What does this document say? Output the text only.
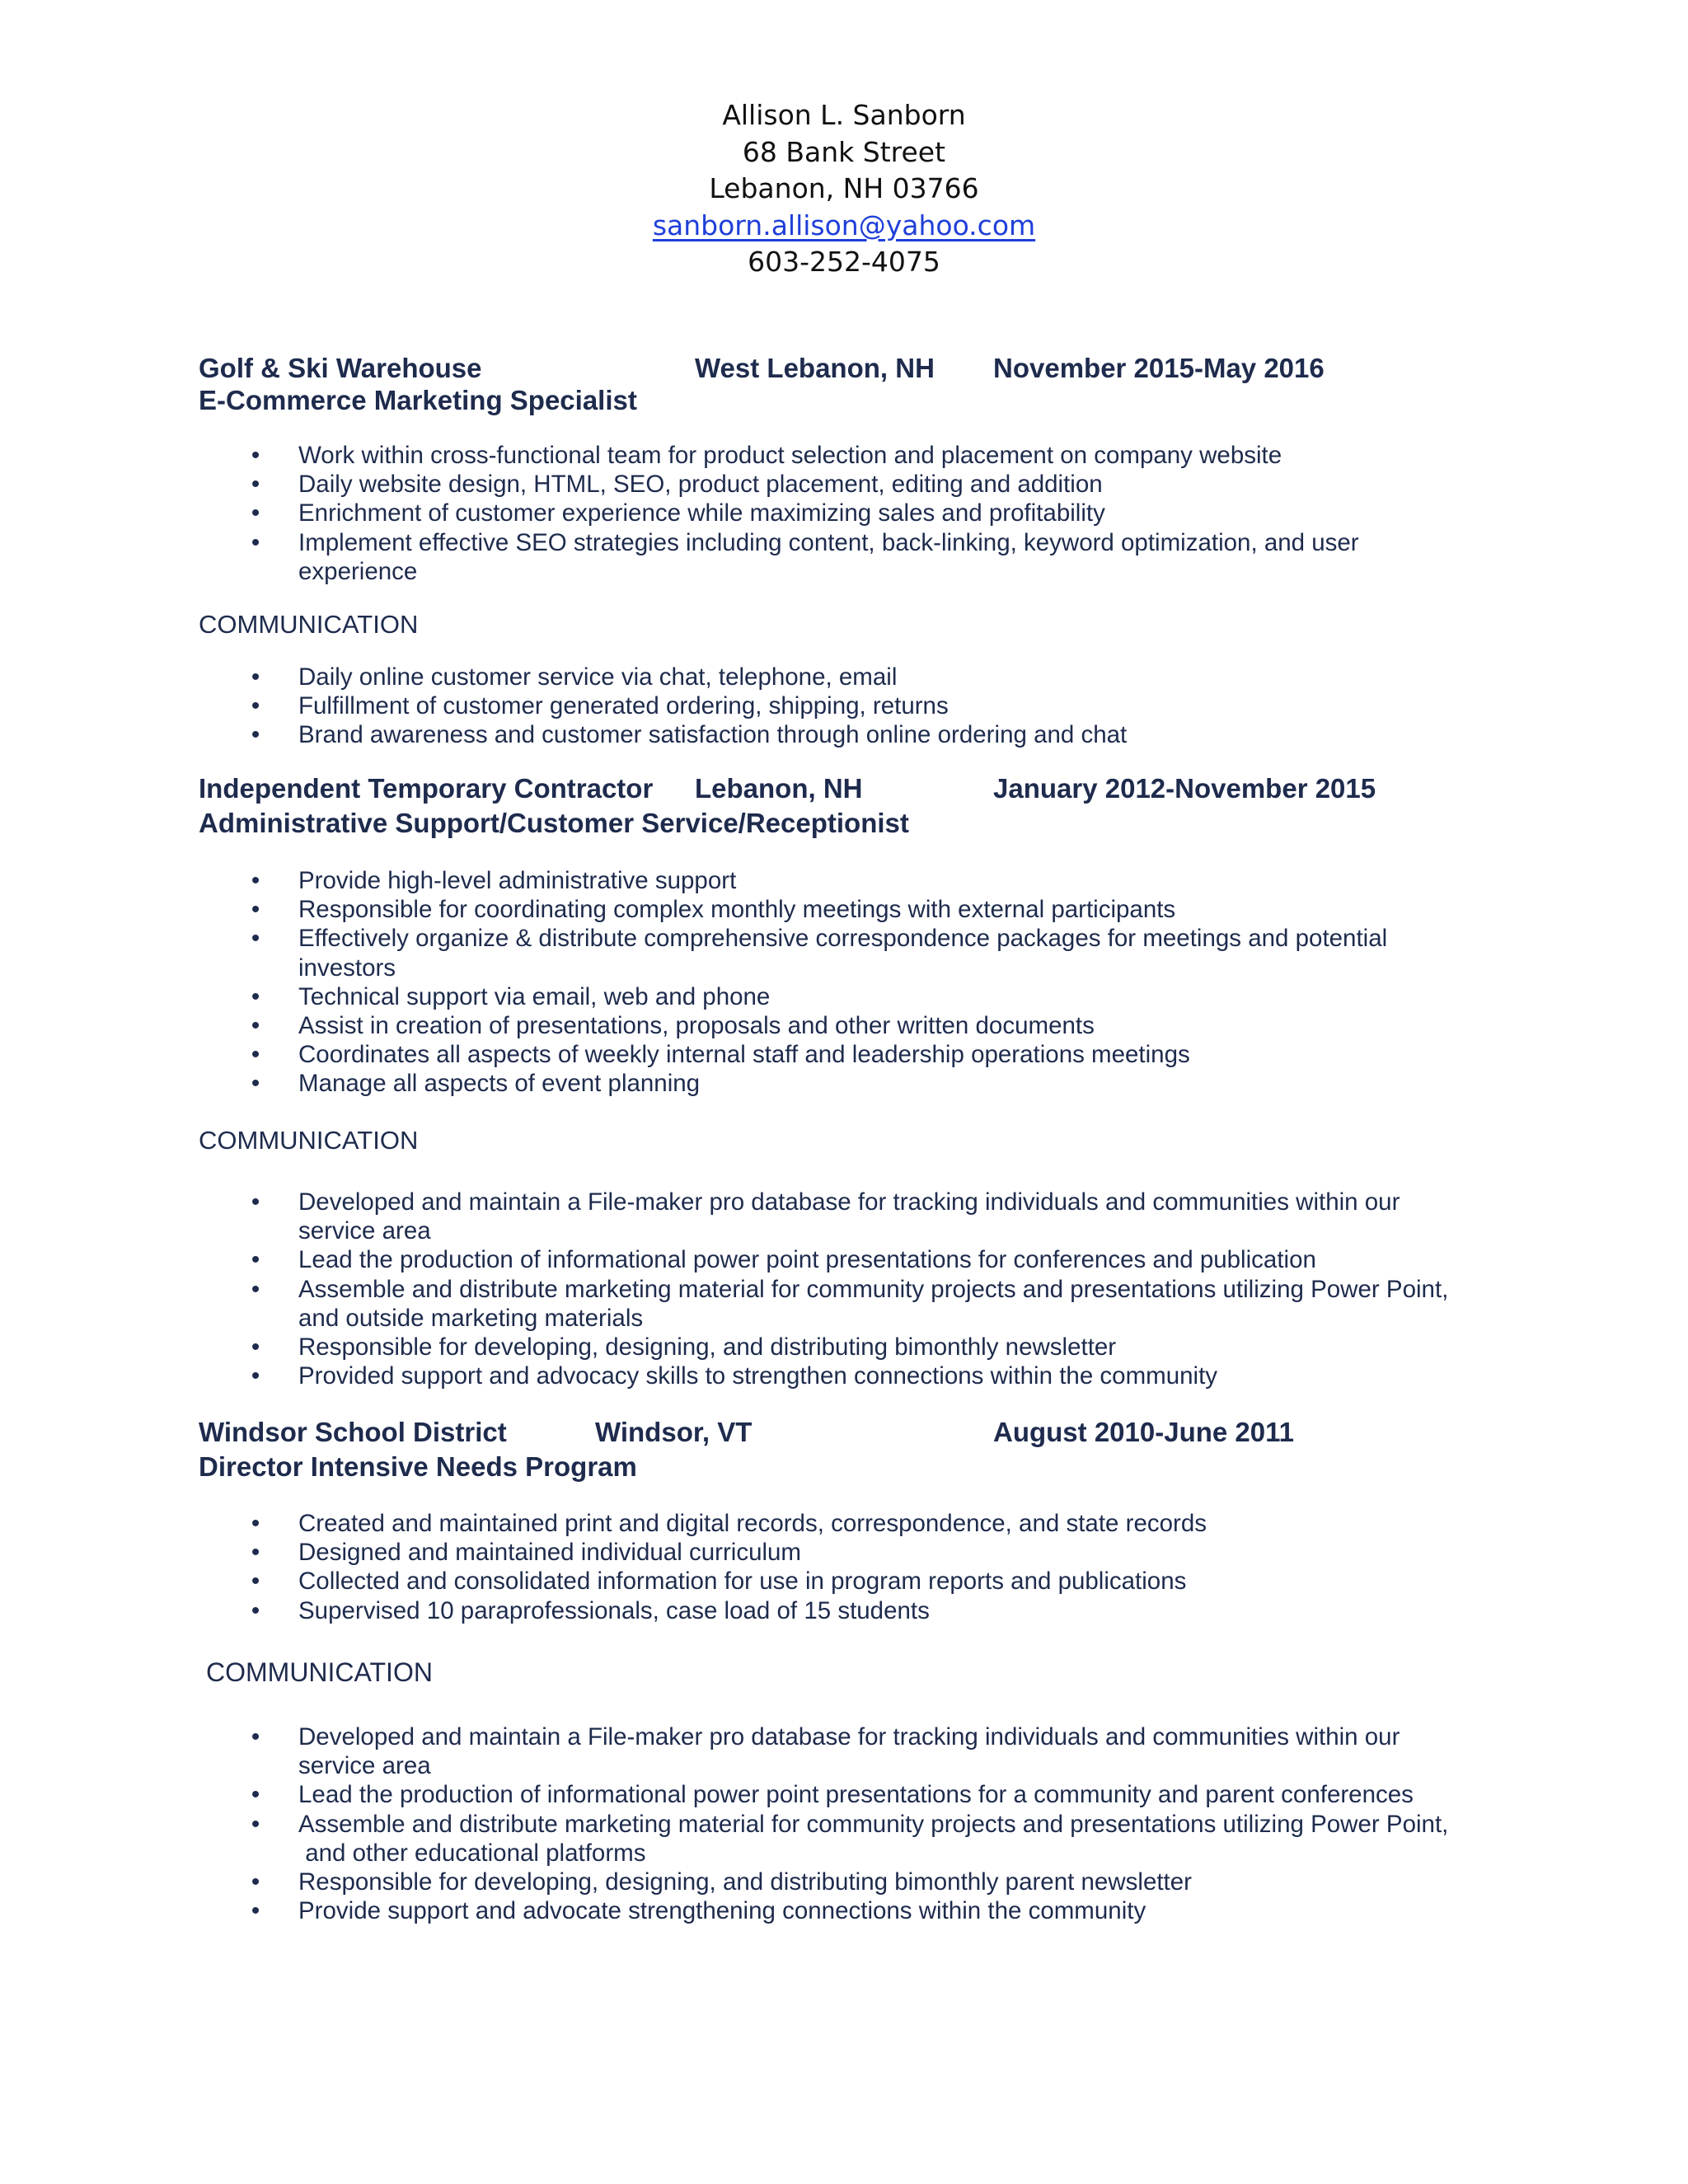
Allison L. Sanborn
68 Bank Street
Lebanon, NH 03766
sanborn.allison@yahoo.com
603-252-4075
Golf & Ski Warehouse	West Lebanon, NH November 2015-May 2016
E-Commerce Marketing Specialist
• Work within cross-functional team for product selection and placement on company website
• Daily website design, HTML, SEO, product placement, editing and addition
• Enrichment of customer experience while maximizing sales and profitability
• Implement effective SEO strategies including content, back-linking, keyword optimization, and user
experience
COMMUNICATION
• Daily online customer service via chat, telephone, email
• Fulfillment of customer generated ordering, shipping, returns
• Brand awareness and customer satisfaction through online ordering and chat
Independent Temporary Contractor Lebanon, NH	January 2012-November 2015
Administrative Support/Customer Service/Receptionist
• Provide high-level administrative support
• Responsible for coordinating complex monthly meetings with external participants
• Effectively organize & distribute comprehensive correspondence packages for meetings and potential
investors
• Technical support via email, web and phone
• Assist in creation of presentations, proposals and other written documents
• Coordinates all aspects of weekly internal staff and leadership operations meetings
• Manage all aspects of event planning
COMMUNICATION
• Developed and maintain a File-maker pro database for tracking individuals and communities within our
service area
• Lead the production of informational power point presentations for conferences and publication
• Assemble and distribute marketing material for community projects and presentations utilizing Power Point,
and outside marketing materials
• Responsible for developing, designing, and distributing bimonthly newsletter
• Provided support and advocacy skills to strengthen connections within the community
Windsor School District	Windsor, VT	August 2010-June 2011
Director Intensive Needs Program
• Created and maintained print and digital records, correspondence, and state records
• Designed and maintained individual curriculum
• Collected and consolidated information for use in program reports and publications
• Supervised 10 paraprofessionals, case load of 15 students
COMMUNICATION
• Developed and maintain a File-maker pro database for tracking individuals and communities within our
service area
• Lead the production of informational power point presentations for a community and parent conferences
• Assemble and distribute marketing material for community projects and presentations utilizing Power Point,
and other educational platforms
• Responsible for developing, designing, and distributing bimonthly parent newsletter
• Provide support and advocate strengthening connections within the community
